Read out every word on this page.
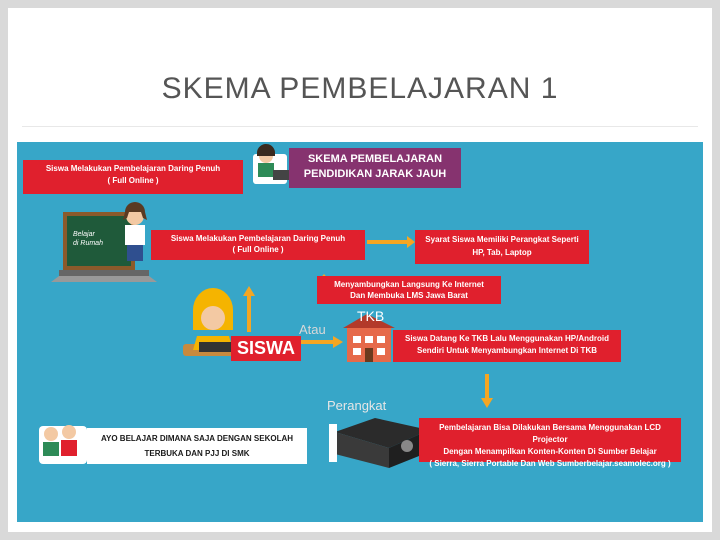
SKEMA PEMBELAJARAN 1
Siswa Melakukan Pembelajaran Daring Penuh
( Full Online )
SKEMA PEMBELAJARAN
PENDIDIKAN JARAK JAUH
Belajar
di Rumah
Siswa Melakukan Pembelajaran Daring Penuh
( Full Online )
Syarat Siswa Memiliki Perangkat Seperti
HP, Tab, Laptop
Menyambungkan Langsung Ke Internet
Dan Membuka LMS Jawa Barat
SISWA
Atau
TKB
Siswa Datang Ke TKB Lalu Menggunakan HP/Android
Sendiri Untuk Menyambungkan Internet Di TKB
Perangkat
Pembelajaran Bisa Dilakukan Bersama Menggunakan LCD Projector
Dengan Menampilkan Konten-Konten Di Sumber Belajar
( Sierra, Sierra Portable Dan Web Sumberbelajar.seamolec.org )
AYO BELAJAR DIMANA SAJA DENGAN SEKOLAH
TERBUKA DAN PJJ DI SMK
